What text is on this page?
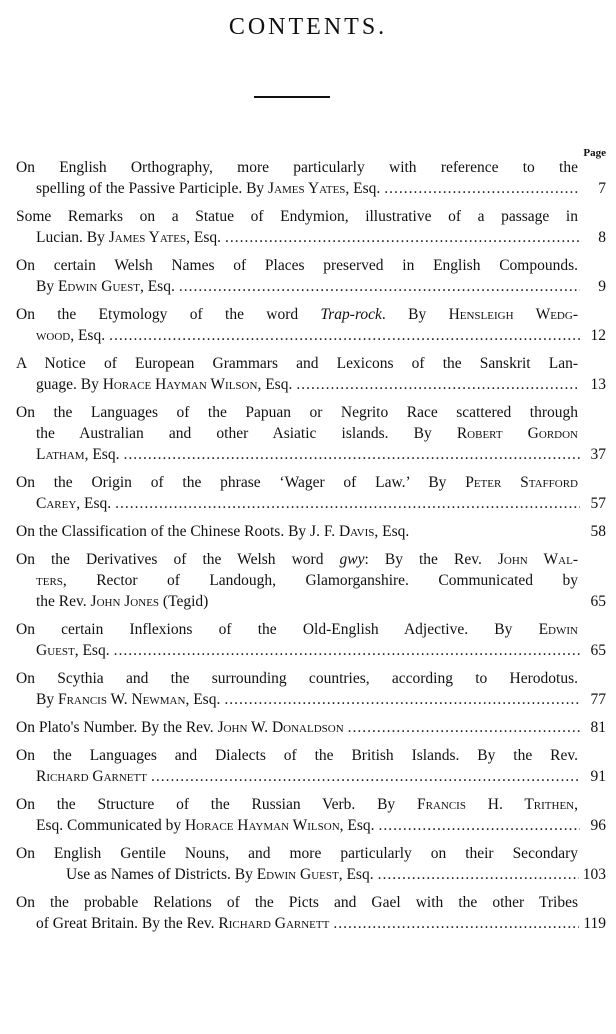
CONTENTS.
Page
On English Orthography, more particularly with reference to the
spelling of the Passive Participle. By James Yates, Esq. .....	7
Some Remarks on a Statue of Endymion, illustrative of a passage in
Lucian. By James Yates, Esq. .....	8
On certain Welsh Names of Places preserved in English Compounds.
By Edwin Guest, Esq. .....	9
On the Etymology of the word Trap-rock. By Hensleigh Wedg-
wood, Esq. .....	12
A Notice of European Grammars and Lexicons of the Sanskrit Lan-
guage. By Horace Hayman Wilson, Esq. .....	13
On the Languages of the Papuan or Negrito Race scattered through
the Australian and other Asiatic islands. By Robert Gordon
Latham, Esq. .....	37
On the Origin of the phrase ‘Wager of Law.’ By Peter Stafford
Carey, Esq. .....	57
On the Classification of the Chinese Roots. By J. F. Davis, Esq.	58
On the Derivatives of the Welsh word gwy: By the Rev. John Wal-
ters, Rector of Landough, Glamorganshire. Communicated by
the Rev. John Jones (Tegid)	65
On certain Inflexions of the Old-English Adjective. By Edwin
Guest, Esq. .....	65
On Scythia and the surrounding countries, according to Herodotus.
By Francis W. Newman, Esq. .....	77
On Plato's Number. By the Rev. John W. Donaldson .....	81
On the Languages and Dialects of the British Islands. By the Rev.
Richard Garnett .....	91
On the Structure of the Russian Verb. By Francis H. Trithen,
Esq. Communicated by Horace Hayman Wilson, Esq. .....	96
On English Gentile Nouns, and more particularly on their Secondary
Use as Names of Districts. By Edwin Guest, Esq. .....	103
On the probable Relations of the Picts and Gael with the other Tribes
of Great Britain. By the Rev. Richard Garnett .....	119
